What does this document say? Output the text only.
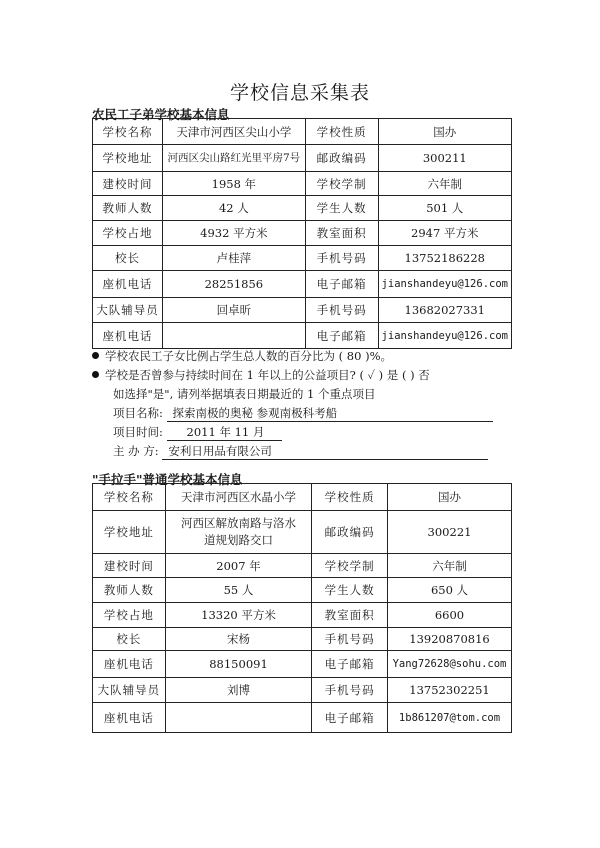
学校信息采集表
农民工子弟学校基本信息
学校名称	天津市河西区尖山小学	学校性质	国办
学校地址	河西区尖山路红光里平房7号	邮政编码	300211
建校时间	1958 年	学校学制	六年制
教师人数	42 人	学生人数	501 人
学校占地	4932 平方米	教室面积	2947 平方米
校长	卢桂萍	手机号码	13752186228
座机电话	28251856	电子邮箱	jianshandeyu@126.com
大队辅导员	回卓昕	手机号码	13682027331
座机电话		电子邮箱	jianshandeyu@126.com
学校农民工子女比例占学生总人数的百分比为 ( 80 )%。
学校是否曾参与持续时间在 1 年以上的公益项目? ( ✓ ) 是 ( ) 否
如选择"是", 请列举据填表日期最近的 1 个重点项目
项目名称: 探索南极的奥秘 参观南极科考船
项目时间: 2011 年 11 月
主 办 方: 安利日用品有限公司
"手拉手"普通学校基本信息
学校名称	天津市河西区水晶小学	学校性质	国办
学校地址	河西区解放南路与洛水道规划路交口	邮政编码	300221
建校时间	2007 年	学校学制	六年制
教师人数	55 人	学生人数	650 人
学校占地	13320 平方米	教室面积	6600
校长	宋杨	手机号码	13920870816
座机电话	88150091	电子邮箱	Yang72628@sohu.com
大队辅导员	刘博	手机号码	13752302251
座机电话		电子邮箱	1b861207@tom.com
